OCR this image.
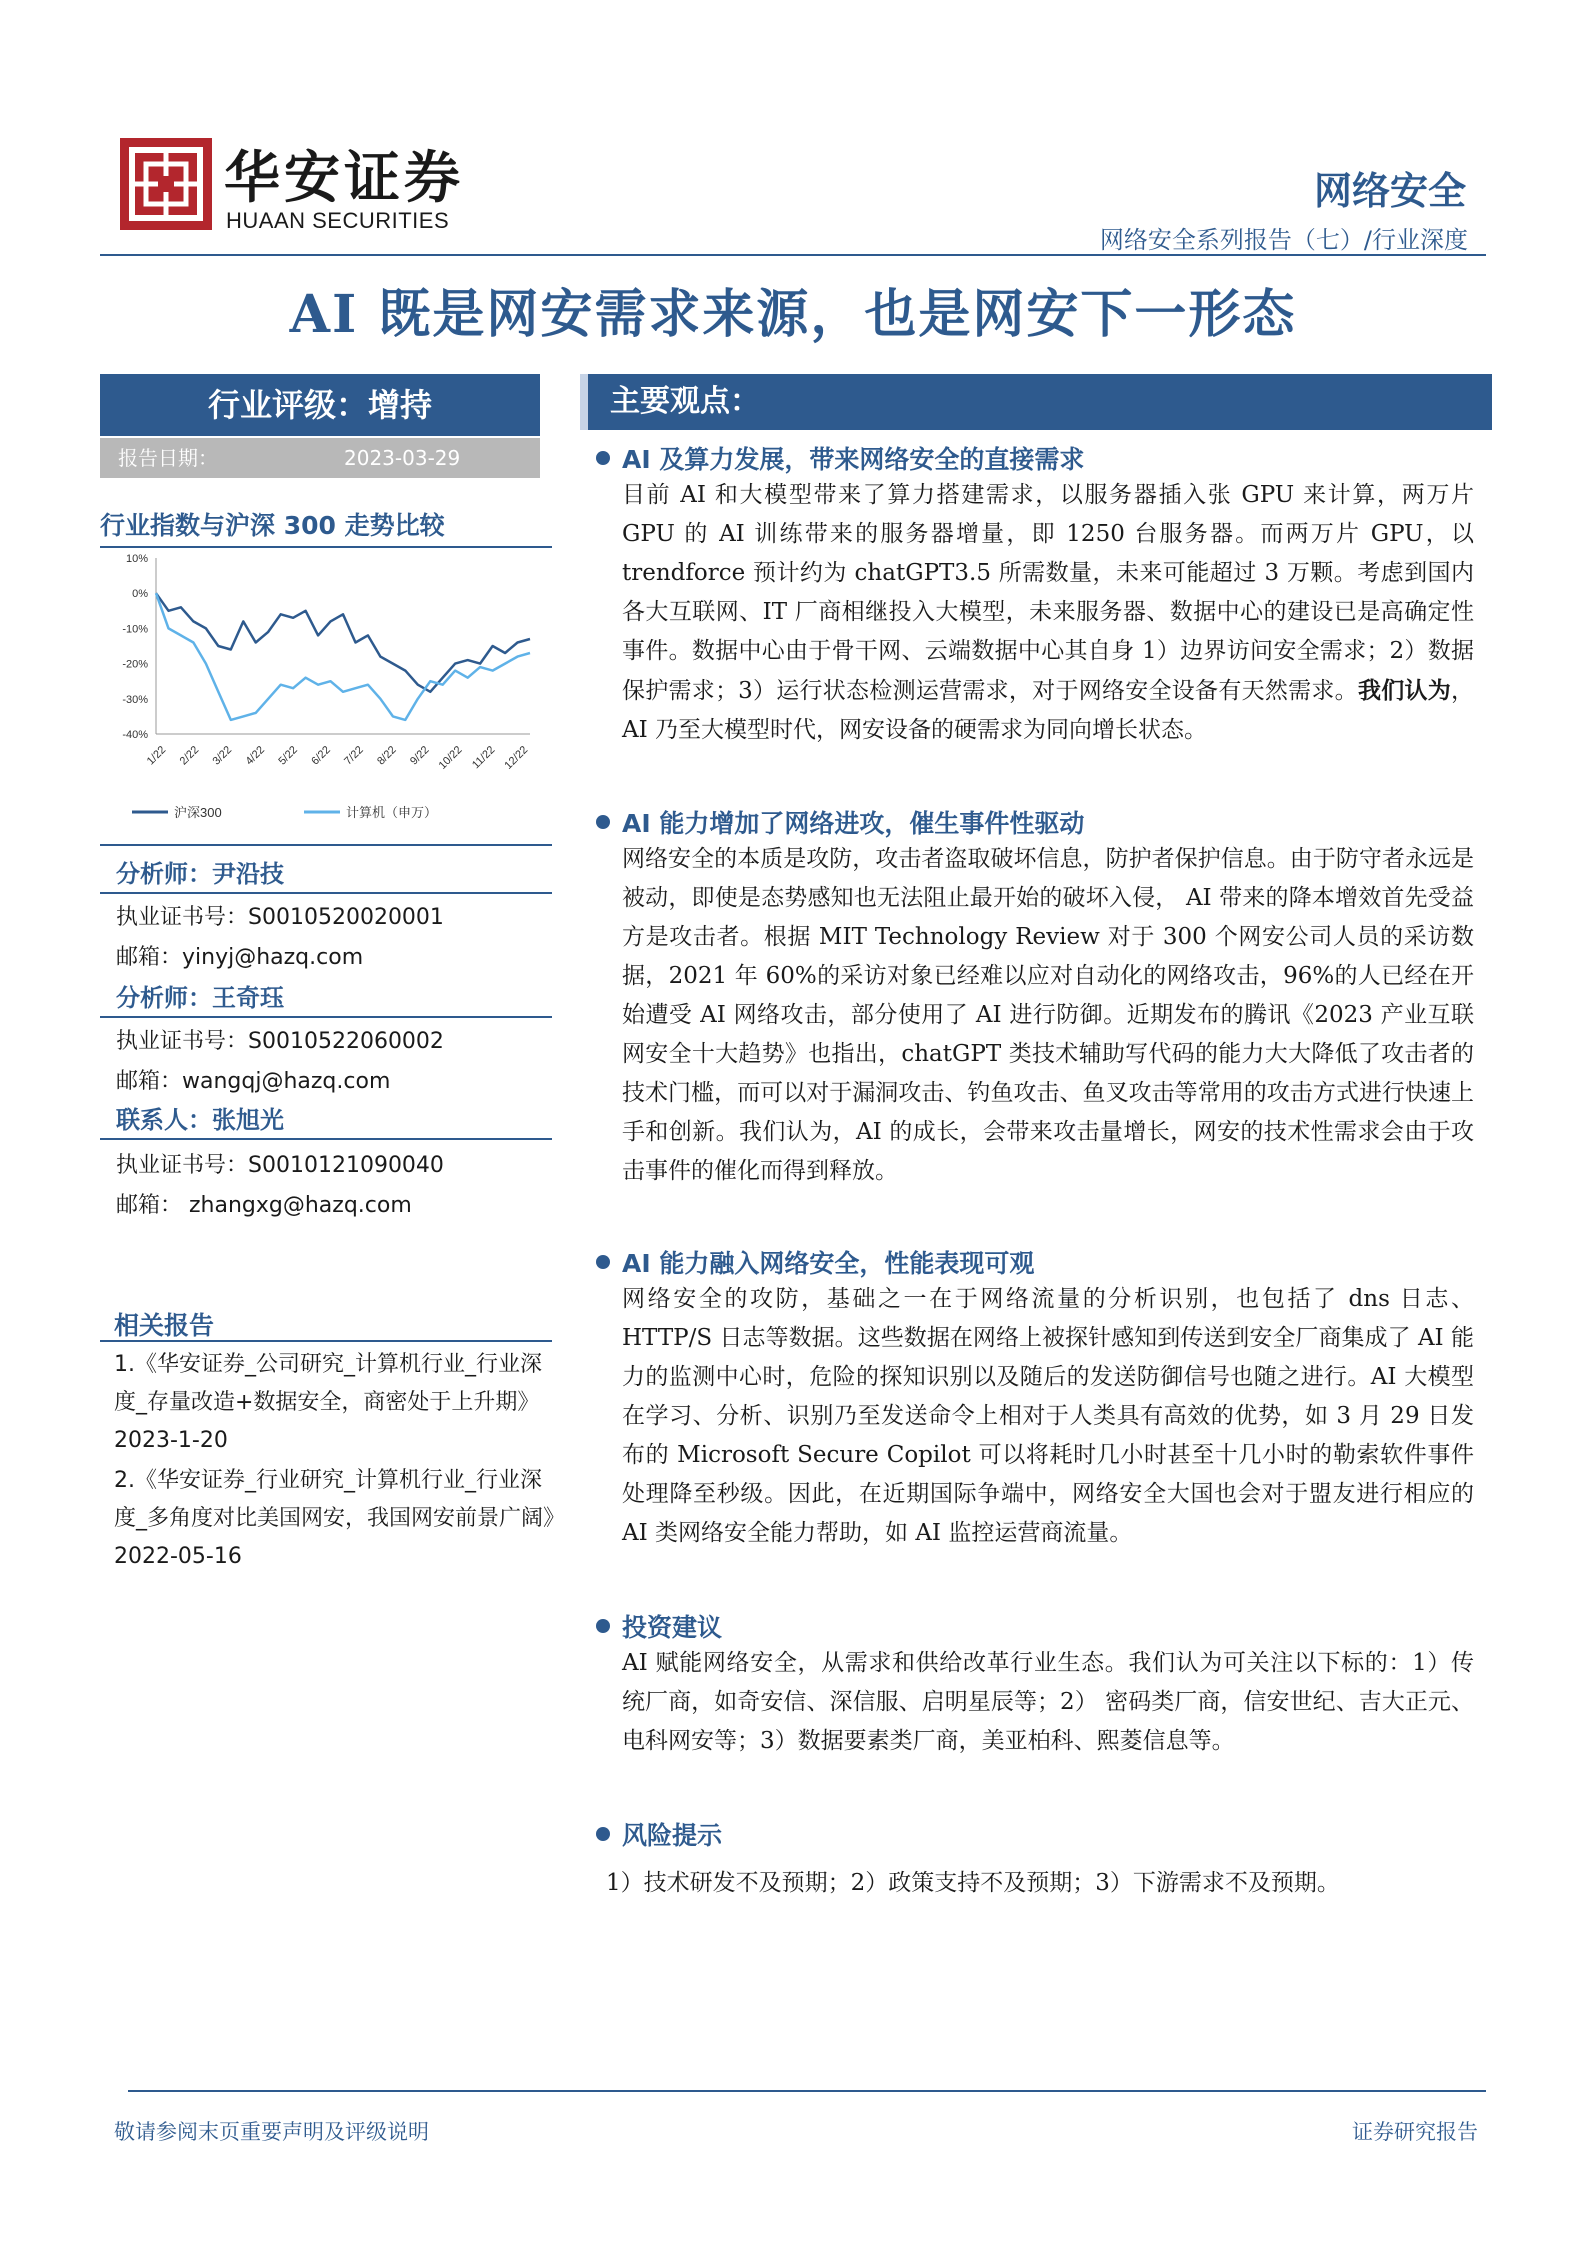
华安证券
HUAAN SECURITIES
网络安全
网络安全系列报告（七）/行业深度
AI 既是网安需求来源，也是网安下一形态
行业评级：增持
报告日期：	2023-03-29
行业指数与沪深 300 走势比较
10%
0%
-10%
-20%
-30%
-40%
1/22 2/22 3/22 4/22 5/22 6/22 7/22 8/22 9/22 10/22 11/22 12/22
沪深300	计算机（申万）
分析师：尹沿技
执业证书号：S0010520020001
邮箱：yinyj@hazq.com
分析师：王奇珏
执业证书号：S0010522060002
邮箱：wangqj@hazq.com
联系人：张旭光
执业证书号：S0010121090040
邮箱： zhangxg@hazq.com
相关报告
1.《华安证券_公司研究_计算机行业_行业深度_存量改造+数据安全，商密处于上升期》2023-1-20
2.《华安证券_行业研究_计算机行业_行业深度_多角度对比美国网安，我国网安前景广阔》2022-05-16
主要观点：
AI 及算力发展，带来网络安全的直接需求
目前 AI 和大模型带来了算力搭建需求，以服务器插入张 GPU 来计算，两万片 GPU 的 AI 训练带来的服务器增量，即 1250 台服务器。而两万片 GPU，以 trendforce 预计约为 chatGPT3.5 所需数量，未来可能超过 3 万颗。考虑到国内各大互联网、IT 厂商相继投入大模型，未来服务器、数据中心的建设已是高确定性事件。数据中心由于骨干网、云端数据中心其自身 1）边界访问安全需求；2）数据保护需求；3）运行状态检测运营需求，对于网络安全设备有天然需求。我们认为，AI 乃至大模型时代，网安设备的硬需求为同向增长状态。
AI 能力增加了网络进攻，催生事件性驱动
网络安全的本质是攻防，攻击者盗取破坏信息，防护者保护信息。由于防守者永远是被动，即使是态势感知也无法阻止最开始的破坏入侵， AI 带来的降本增效首先受益方是攻击者。根据 MIT Technology Review 对于 300 个网安公司人员的采访数据，2021 年 60%的采访对象已经难以应对自动化的网络攻击，96%的人已经在开始遭受 AI 网络攻击，部分使用了 AI 进行防御。近期发布的腾讯《2023 产业互联网安全十大趋势》也指出，chatGPT 类技术辅助写代码的能力大大降低了攻击者的技术门槛，而可以对于漏洞攻击、钓鱼攻击、鱼叉攻击等常用的攻击方式进行快速上手和创新。我们认为，AI 的成长，会带来攻击量增长，网安的技术性需求会由于攻击事件的催化而得到释放。
AI 能力融入网络安全，性能表现可观
网络安全的攻防，基础之一在于网络流量的分析识别，也包括了 dns 日志、HTTP/S 日志等数据。这些数据在网络上被探针感知到传送到安全厂商集成了 AI 能力的监测中心时，危险的探知识别以及随后的发送防御信号也随之进行。AI 大模型在学习、分析、识别乃至发送命令上相对于人类具有高效的优势，如 3 月 29 日发布的 Microsoft Secure Copilot 可以将耗时几小时甚至十几小时的勒索软件事件处理降至秒级。因此，在近期国际争端中，网络安全大国也会对于盟友进行相应的 AI 类网络安全能力帮助，如 AI 监控运营商流量。
投资建议
AI 赋能网络安全，从需求和供给改革行业生态。我们认为可关注以下标的：1）传统厂商，如奇安信、深信服、启明星辰等；2） 密码类厂商，信安世纪、吉大正元、电科网安等；3）数据要素类厂商，美亚柏科、熙菱信息等。
风险提示
1）技术研发不及预期；2）政策支持不及预期；3）下游需求不及预期。
敬请参阅末页重要声明及评级说明	证券研究报告
